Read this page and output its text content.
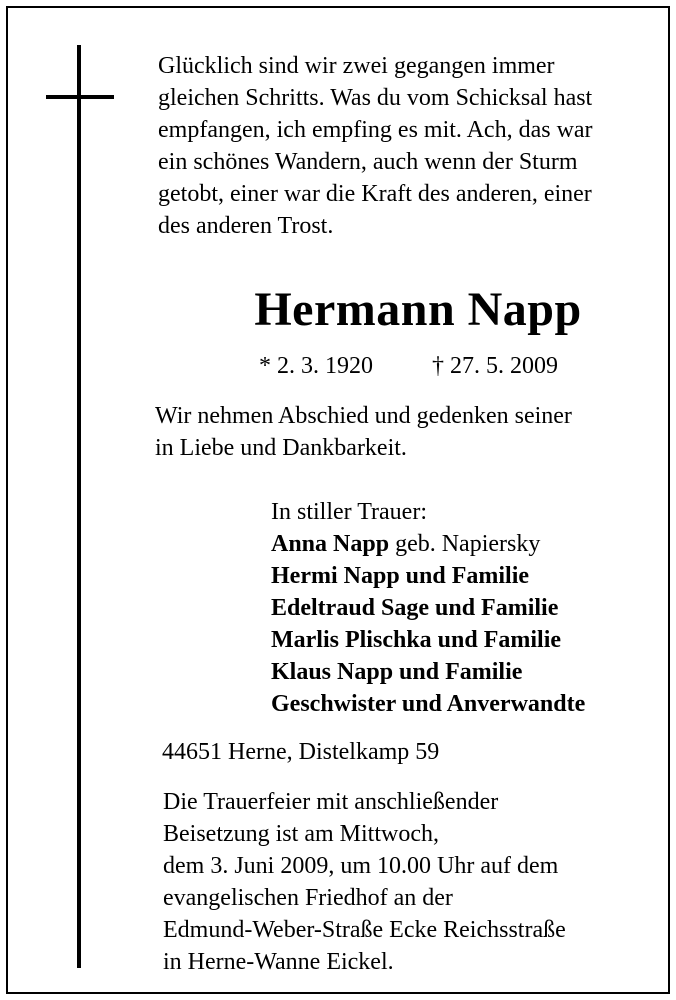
Glücklich sind wir zwei gegangen immer
gleichen Schritts. Was du vom Schicksal hast
empfangen, ich empfing es mit. Ach, das war
ein schönes Wandern, auch wenn der Sturm
getobt, einer war die Kraft des anderen, einer
des anderen Trost.
Hermann Napp
* 2. 3. 1920 † 27. 5. 2009
Wir nehmen Abschied und gedenken seiner
in Liebe und Dankbarkeit.
In stiller Trauer:
Anna Napp geb. Napiersky
Hermi Napp und Familie
Edeltraud Sage und Familie
Marlis Plischka und Familie
Klaus Napp und Familie
Geschwister und Anverwandte
44651 Herne, Distelkamp 59
Die Trauerfeier mit anschließender
Beisetzung ist am Mittwoch,
dem 3. Juni 2009, um 10.00 Uhr auf dem
evangelischen Friedhof an der
Edmund-Weber-Straße Ecke Reichsstraße
in Herne-Wanne Eickel.
